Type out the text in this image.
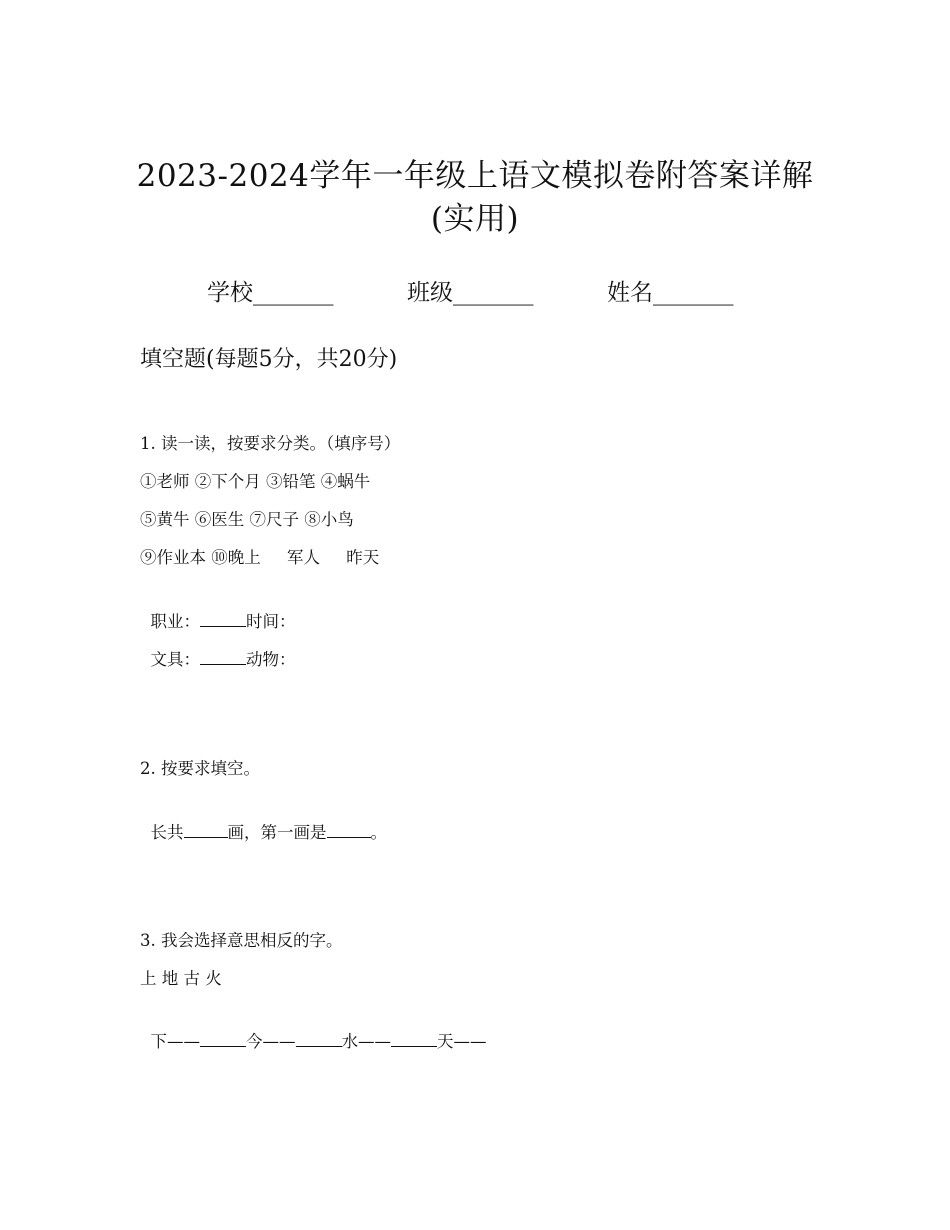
2023-2024学年一年级上语文模拟卷附答案详解
(实用)
学校_______	班级_______	姓名_______
填空题(每题5分，共20分)
1. 读一读，按要求分类。（填序号）
①老师 ②下个月 ③铅笔 ④蜗牛
⑤黄牛 ⑥医生 ⑦尺子 ⑧小鸟
⑨作业本 ⑩晚上     军人     昨天

职业：	时间：

文具：	动物：

2. 按要求填空。

长共	画，第一画是	。

3. 我会选择意思相反的字。
上 地 古 火

下——	今——	水——	天——
